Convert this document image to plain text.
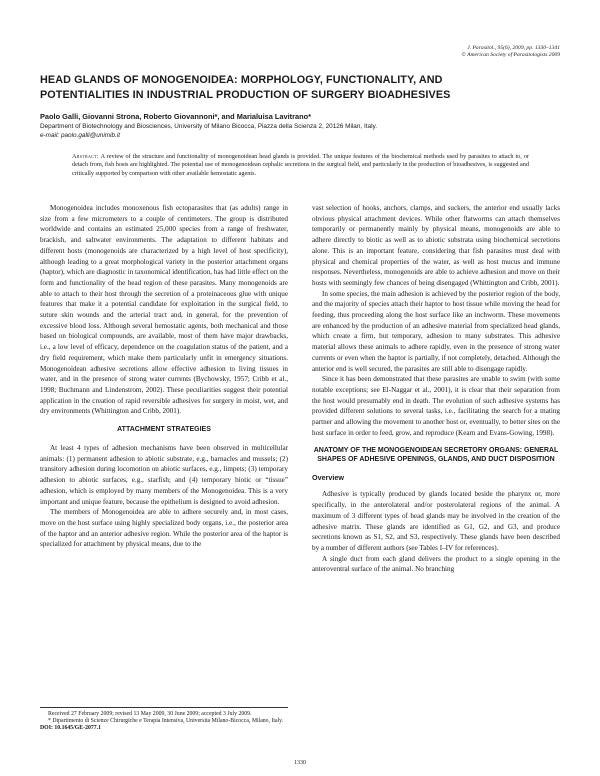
J. Parasitol., 95(6), 2009, pp. 1330–1341
© American Society of Parasitologists 2009
HEAD GLANDS OF MONOGENOIDEA: MORPHOLOGY, FUNCTIONALITY, AND
POTENTIALITIES IN INDUSTRIAL PRODUCTION OF SURGERY BIOADHESIVES
Paolo Galli, Giovanni Strona, Roberto Giovannoni*, and Marialuisa Lavitrano*
Department of Biotechnology and Biosciences, University of Milano Bicocca, Piazza della Scienza 2, 20126 Milan, Italy.
e-mail: paolo.galli@unimib.it
Abstract: A review of the structure and functionality of monogenoidean head glands is provided. The unique features of the biochemical methods used by parasites to attach to, or detach from, fish hosts are highlighted. The potential use of monogenoidean cephalic secretions in the surgical field, and particularly in the production of bioadhesives, is suggested and critically supported by comparison with other available hemostatic agents.

Monogenoidea includes monoxenous fish ectoparasites that (as adults) range in size from a few micrometers to a couple of centimeters. The group is distributed worldwide and contains an estimated 25,000 species from a range of freshwater, brackish, and saltwater environments. The adaptation to different habitats and different hosts (monogenoids are characterized by a high level of host specificity), although leading to a great morphological variety in the posterior attachment organs (haptor), which are diagnostic in taxonomical identification, has had little effect on the form and functionality of the head region of these parasites. Many monogenoids are able to attach to their host through the secretion of a proteinaceous glue with unique features that make it a potential candidate for exploitation in the surgical field, to suture skin wounds and the arterial tract and, in general, for the prevention of excessive blood loss. Although several hemostatic agents, both mechanical and those based on biological compounds, are available, most of them have major drawbacks, i.e., a low level of efficacy, dependence on the coagulation status of the patient, and a dry field requirement, which make them particularly unfit in emergency situations. Monogenoidean adhesive secretions allow effective adhesion to living tissues in water, and in the presence of strong water currents (Bychowsky, 1957; Cribb et al., 1998; Buchmann and Lindenstrom, 2002). These peculiarities suggest their potential application in the creation of rapid reversible adhesives for surgery in moist, wet, and dry environments (Whittington and Cribb, 2001).

ATTACHMENT STRATEGIES

At least 4 types of adhesion mechanisms have been observed in multicellular animals: (1) permanent adhesion to abiotic substrate, e.g., barnacles and mussels; (2) transitory adhesion during locomotion on abiotic surfaces, e.g., limpets; (3) temporary adhesion to abiotic surfaces, e.g., starfish; and (4) temporary biotic or “tissue” adhesion, which is employed by many members of the Monogenoidea. This is a very important and unique feature, because the epithelium is designed to avoid adhesion.

The members of Monogenoidea are able to adhere securely and, in most cases, move on the host surface using highly specialized body organs, i.e., the posterior area of the haptor and an anterior adhesive region. While the posterior area of the haptor is specialized for attachment by physical means, due to the

Received 27 February 2009; revised 13 May 2009, 30 June 2009; accepted 3 July 2009.
* Dipartimento di Scienze Chirurgiche e Terapia Intensiva, Universita Milano-Bicocca, Milano, Italy.
DOI: 10.1645/GE-2077.1

vast selection of hooks, anchors, clamps, and suckers, the anterior end usually lacks obvious physical attachment devices. While other flatworms can attach themselves temporarily or permanently mainly by physical means, monogenoids are able to adhere directly to biotic as well as to abiotic substrata using biochemical secretions alone. This is an important feature, considering that fish parasites must deal with physical and chemical properties of the water, as well as host mucus and immune responses. Nevertheless, monogenoids are able to achieve adhesion and move on their hosts with seemingly few chances of being disengaged (Whittington and Cribb, 2001).

In some species, the main adhesion is achieved by the posterior region of the body, and the majority of species attach their haptor to host tissue while moving the head for feeding, thus proceeding along the host surface like an inchworm. These movements are enhanced by the production of an adhesive material from specialized head glands, which create a firm, but temporary, adhesion to many substrates. This adhesive material allows these animals to adhere rapidly, even in the presence of strong water currents or even when the haptor is partially, if not completely, detached. Although the anterior end is well secured, the parasites are still able to disengage rapidly.

Since it has been demonstrated that these parasites are unable to swim (with some notable exceptions; see El-Naggar et al., 2001), it is clear that their separation from the host would presumably end in death. The evolution of such adhesive systems has provided different solutions to several tasks, i.e., facilitating the search for a mating partner and allowing the movement to another host or, eventually, to better sites on the host surface in order to feed, grow, and reproduce (Kearn and Evans-Gowing, 1998).

ANATOMY OF THE MONOGENOIDEAN SECRETORY ORGANS: GENERAL SHAPES OF ADHESIVE OPENINGS, GLANDS, AND DUCT DISPOSITION
Overview

Adhesive is typically produced by glands located beside the pharynx or, more specifically, in the anterolateral and/or posterolateral regions of the animal. A maximum of 3 different types of head glands may be involved in the creation of the adhesive matrix. These glands are identified as G1, G2, and G3, and produce secretions known as S1, S2, and S3, respectively. These glands have been described by a number of different authors (see Tables I–IV for references).

A single duct from each gland delivers the product to a single opening in the anteroventral surface of the animal. No branching

1330
